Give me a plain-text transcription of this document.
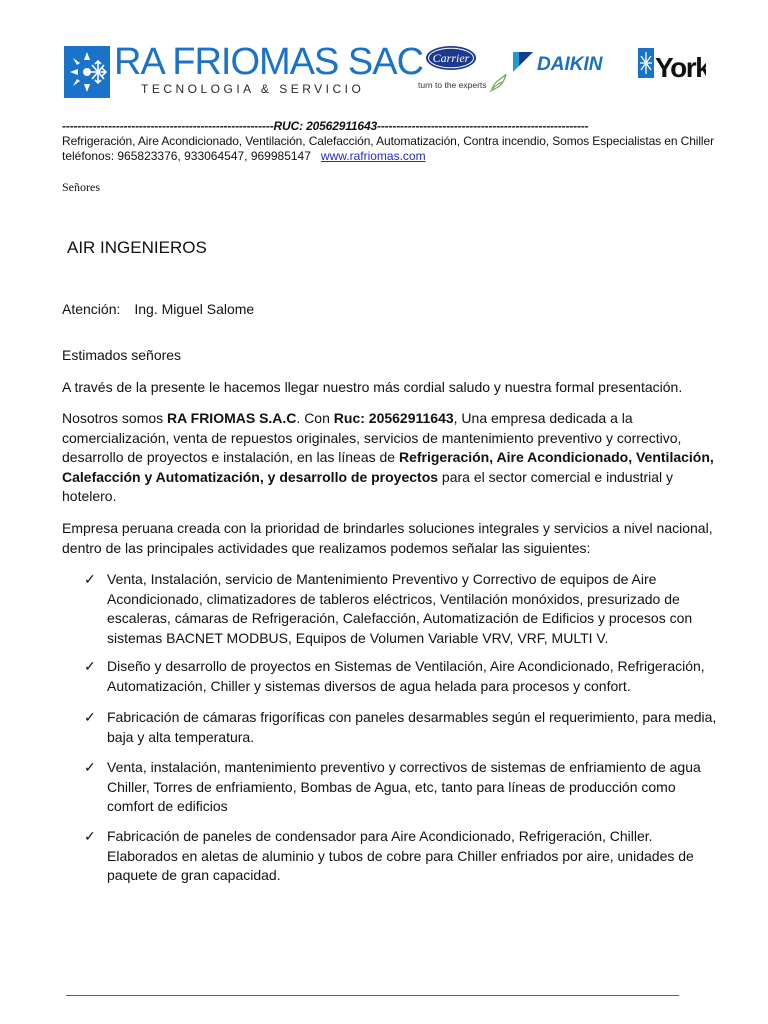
RA FRIOMAS SAC
TECNOLOGIA & SERVICIO
Carrier
turn to the experts
DAIKIN York
-------------------------------------------------------RUC: 20562911643-------------------------------------------------------
Refrigeración, Aire Acondicionado, Ventilación, Calefacción, Automatización, Contra incendio, Somos Especialistas en Chiller
teléfonos: 965823376, 933064547, 969985147 www.rafriomas.com
Señores
AIR INGENIEROS
Atención: Ing. Miguel Salome
Estimados señores
A través de la presente le hacemos llegar nuestro más cordial saludo y nuestra formal presentación.
Nosotros somos RA FRIOMAS S.A.C. Con Ruc: 20562911643, Una empresa dedicada a la comercialización, venta de repuestos originales, servicios de mantenimiento preventivo y correctivo, desarrollo de proyectos e instalación, en las líneas de Refrigeración, Aire Acondicionado, Ventilación, Calefacción y Automatización, y desarrollo de proyectos para el sector comercial e industrial y hotelero.
Empresa peruana creada con la prioridad de brindarles soluciones integrales y servicios a nivel nacional, dentro de las principales actividades que realizamos podemos señalar las siguientes:
✓ Venta, Instalación, servicio de Mantenimiento Preventivo y Correctivo de equipos de Aire Acondicionado, climatizadores de tableros eléctricos, Ventilación monóxidos, presurizado de escaleras, cámaras de Refrigeración, Calefacción, Automatización de Edificios y procesos con sistemas BACNET MODBUS, Equipos de Volumen Variable VRV, VRF, MULTI V.
✓ Diseño y desarrollo de proyectos en Sistemas de Ventilación, Aire Acondicionado, Refrigeración, Automatización, Chiller y sistemas diversos de agua helada para procesos y confort.
✓ Fabricación de cámaras frigoríficas con paneles desarmables según el requerimiento, para media, baja y alta temperatura.
✓ Venta, instalación, mantenimiento preventivo y correctivos de sistemas de enfriamiento de agua Chiller, Torres de enfriamiento, Bombas de Agua, etc, tanto para líneas de producción como comfort de edificios
✓ Fabricación de paneles de condensador para Aire Acondicionado, Refrigeración, Chiller. Elaborados en aletas de aluminio y tubos de cobre para Chiller enfriados por aire, unidades de paquete de gran capacidad.
